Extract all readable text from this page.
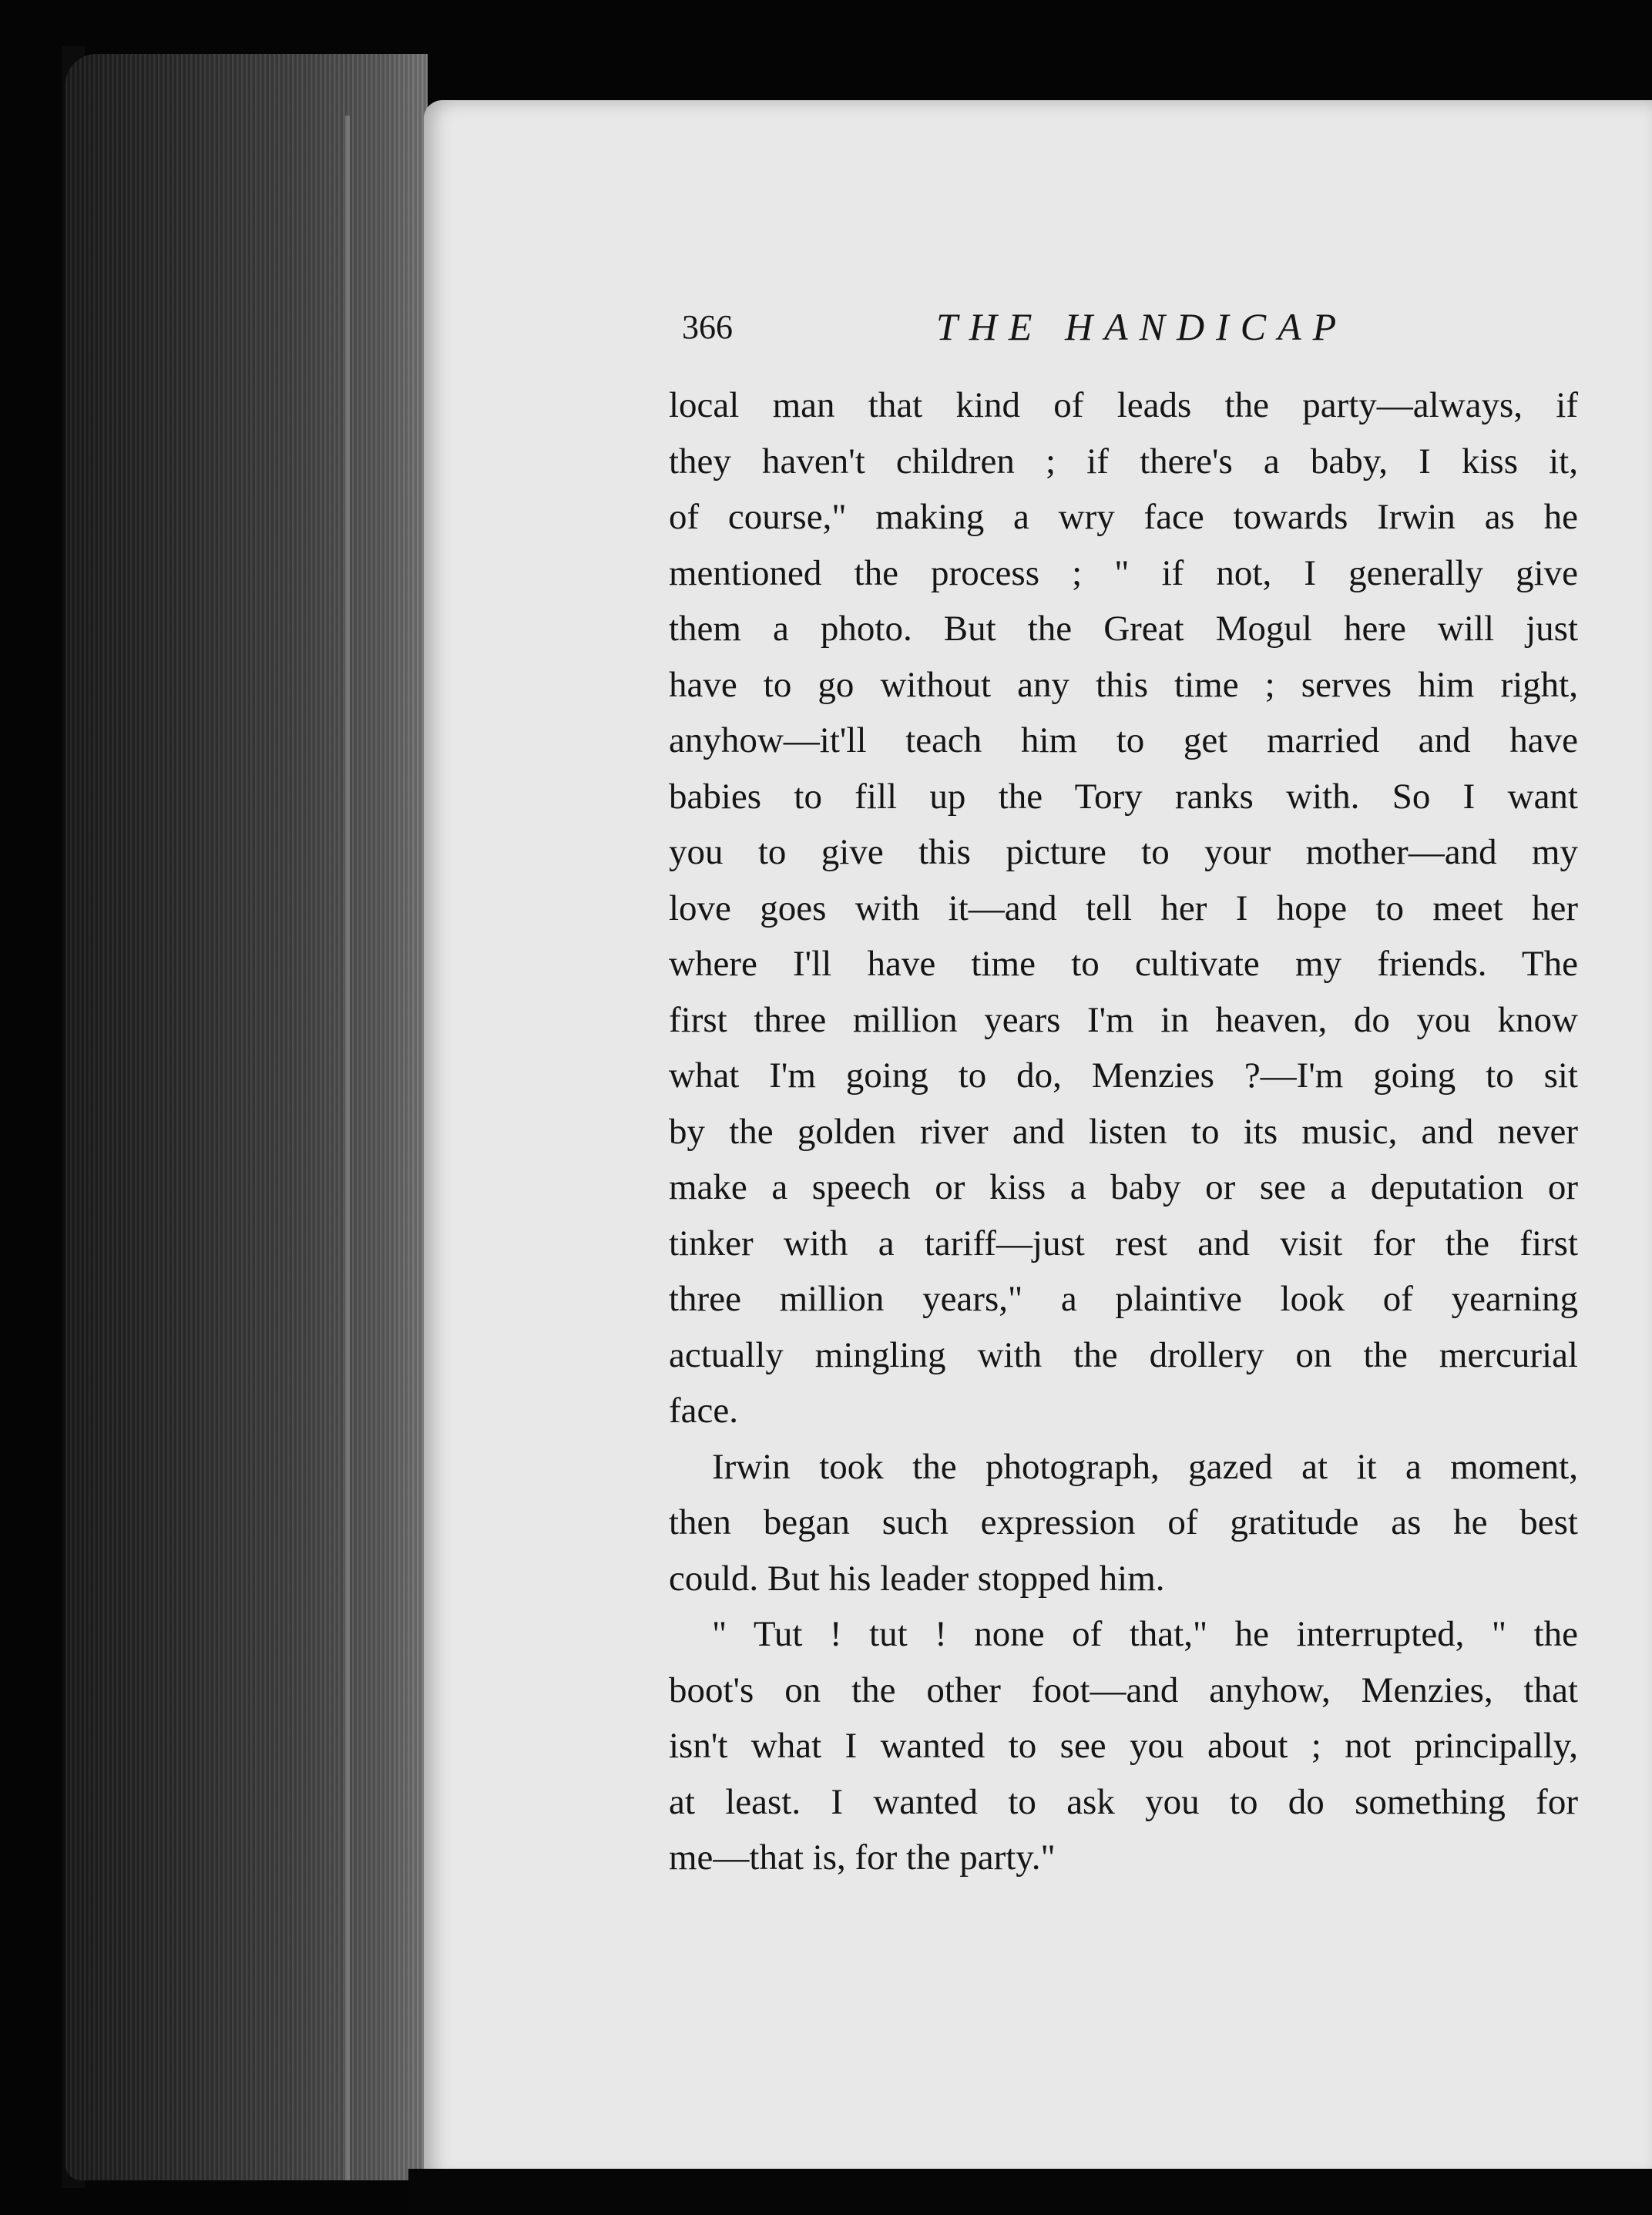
366	THE HANDICAP
local man that kind of leads the party—always, if
they haven't children ; if there's a baby, I kiss it,
of course," making a wry face towards Irwin as he
mentioned the process ; " if not, I generally give
them a photo. But the Great Mogul here will just
have to go without any this time ; serves him right,
anyhow—it'll teach him to get married and have
babies to fill up the Tory ranks with. So I want
you to give this picture to your mother—and my
love goes with it—and tell her I hope to meet her
where I'll have time to cultivate my friends. The
first three million years I'm in heaven, do you know
what I'm going to do, Menzies ?—I'm going to sit
by the golden river and listen to its music, and never
make a speech or kiss a baby or see a deputation or
tinker with a tariff—just rest and visit for the first
three million years," a plaintive look of yearning
actually mingling with the drollery on the mercurial
face.
Irwin took the photograph, gazed at it a moment,
then began such expression of gratitude as he best
could. But his leader stopped him.
" Tut ! tut ! none of that," he interrupted, " the
boot's on the other foot—and anyhow, Menzies, that
isn't what I wanted to see you about ; not principally,
at least. I wanted to ask you to do something for
me—that is, for the party."
